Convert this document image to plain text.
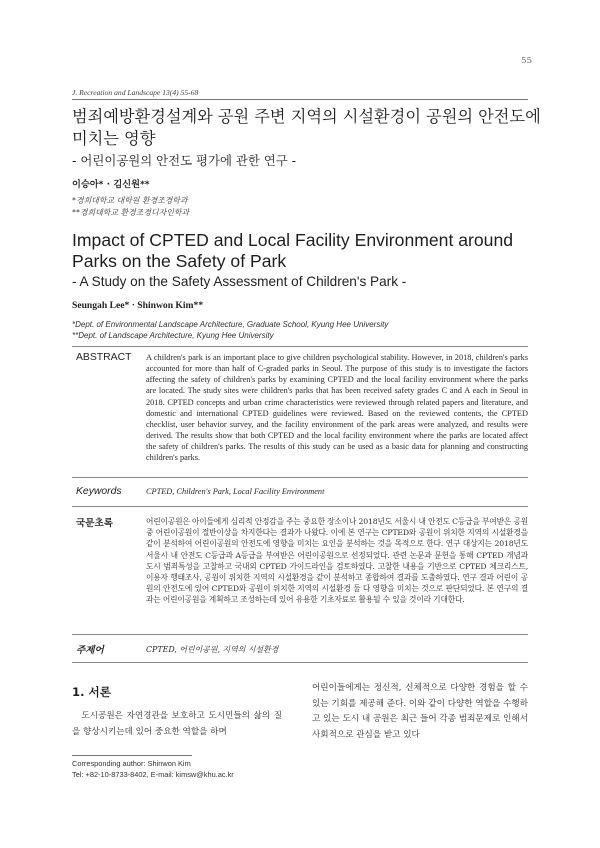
55
J. Recreation and Landscape 13(4) 55-68
범죄예방환경설계와 공원 주변 지역의 시설환경이 공원의 안전도에 미치는 영향
- 어린이공원의 안전도 평가에 관한 연구 -
이승아* · 김신원**
*경희대학교 대학원 환경조경학과
**경희대학교 환경조경디자인학과
Impact of CPTED and Local Facility Environment around Parks on the Safety of Park
- A Study on the Safety Assessment of Children's Park -
Seungah Lee* · Shinwon Kim**
*Dept. of Environmental Landscape Architecture, Graduate School, Kyung Hee University
**Dept. of Landscape Architecture, Kyung Hee University
ABSTRACT A children's park is an important place to give children psychological stability. However, in 2018, children's parks accounted for more than half of C-graded parks in Seoul. The purpose of this study is to investigate the factors affecting the safety of children's parks by examining CPTED and the local facility environment where the parks are located. The study sites were children's parks that has been received safety grades C and A each in Seoul in 2018. CPTED concepts and urban crime characteristics were reviewed through related papers and literature, and domestic and international CPTED guidelines were reviewed. Based on the reviewed contents, the CPTED checklist, user behavior survey, and the facility environment of the park areas were analyzed, and results were derived. The results show that both CPTED and the local facility environment where the parks are located affect the safety of children's parks. The results of this study can be used as a basic data for planning and constructing children's parks.
Keywords	CPTED, Children's Park, Local Facility Environment
국문초록	어린이공원은 아이들에게 심리적 안정감을 주는 중요한 장소이나 2018년도 서울시 내 안전도 C등급을 부여받은 공원 중 어린이공원이 절반이상을 차지한다는 결과가 나왔다. 이에 본 연구는 CPTED와 공원이 위치한 지역의 시설환경을 같이 분석하여 어린이공원의 안전도에 영향을 미치는 요인을 분석하는 것을 목적으로 한다. 연구 대상지는 2018년도 서울시 내 안전도 C등급과 A등급을 부여받은 어린이공원으로 선정되었다. 관련 논문과 문헌을 통해 CPTED 개념과 도시 범죄특성을 고찰하고 국내외 CPTED 가이드라인을 검토하였다. 고찰한 내용을 기반으로 CPTED 체크리스트, 이용자 행태조사, 공원이 위치한 지역의 시설환경을 같이 분석하고 종합하여 결과를 도출하였다. 연구 결과 어린이 공원의 안전도에 있어 CPTED와 공원이 위치한 지역의 시설환경 둘 다 영향을 미치는 것으로 판단되었다. 본 연구의 결과는 어린이공원을 계획하고 조성하는데 있어 유용한 기초자료로 활용될 수 있을 것이라 기대한다.
주제어	CPTED, 어린이공원, 지역의 시설환경
1. 서론
도시공원은 자연경관을 보호하고 도시민들의 삶의 질을 향상시키는데 있어 중요한 역할을 하며
어린이들에게는 정신적, 신체적으로 다양한 경험을 할 수 있는 기회를 제공해 준다. 이와 같이 다양한 역할을 수행하고 있는 도시 내 공원은 최근 들어 각종 범죄문제로 인해서 사회적으로 관심을 받고 있다
Corresponding author: Shinwon Kim
Tel: +82-10-8733-8402, E-mail: kimsw@khu.ac.kr
